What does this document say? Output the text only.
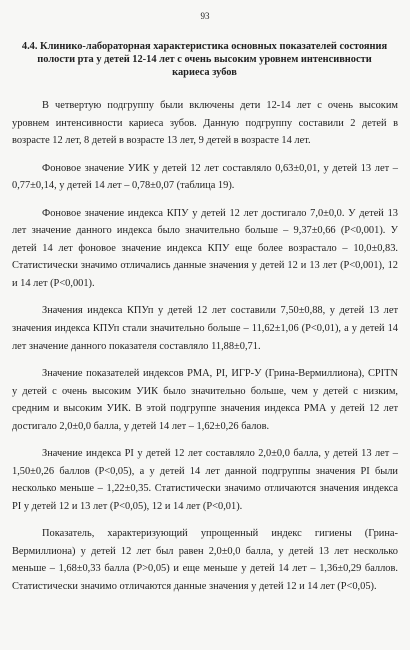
93
4.4. Клинико-лабораторная характеристика основных показателей состояния полости рта у детей 12-14 лет с очень высоким уровнем интенсивности кариеса зубов

В четвертую подгруппу были включены дети 12-14 лет с очень высоким уровнем интенсивности кариеса зубов. Данную подгруппу составили 2 детей в возрасте 12 лет, 8 детей в возрасте 13 лет, 9 детей в возрасте 14 лет.

Фоновое значение УИК у детей 12 лет составляло 0,63±0,01, у детей 13 лет – 0,77±0,14, у детей 14 лет – 0,78±0,07 (таблица 19).

Фоновое значение индекса КПУ у детей 12 лет достигало 7,0±0,0. У детей 13 лет значение данного индекса было значительно больше – 9,37±0,66 (Р<0,001). У детей 14 лет фоновое значение индекса КПУ еще более возрастало – 10,0±0,83. Статистически значимо отличались данные значения у детей 12 и 13 лет (Р<0,001), 12 и 14 лет (Р<0,001).

Значения индекса КПУп у детей 12 лет составили 7,50±0,88, у детей 13 лет значения индекса КПУп стали значительно больше – 11,62±1,06 (Р<0,01), а у детей 14 лет значение данного показателя составляло 11,88±0,71.

Значение показателей индексов РМА, PI, ИГР-У (Грина-Вермиллиона), CPITN у детей с очень высоким УИК было значительно больше, чем у детей с низким, средним и высоким УИК. В этой подгруппе значения индекса РМА у детей 12 лет достигало 2,0±0,0 балла, у детей 14 лет – 1,62±0,26 балов.

Значение индекса PI у детей 12 лет составляло 2,0±0,0 балла, у детей 13 лет – 1,50±0,26 баллов (Р<0,05), а у детей 14 лет данной подгруппы значения PI были несколько меньше – 1,22±0,35. Статистически значимо отличаются значения индекса PI у детей 12 и 13 лет (Р<0,05), 12 и 14 лет (Р<0,01).

Показатель, характеризующий упрощенный индекс гигиены (Грина-Вермиллиона) у детей 12 лет был равен 2,0±0,0 балла, у детей 13 лет несколько меньше – 1,68±0,33 балла (Р>0,05) и еще меньше у детей 14 лет – 1,36±0,29 баллов. Статистически значимо отличаются данные значения у детей 12 и 14 лет (Р<0,05).
